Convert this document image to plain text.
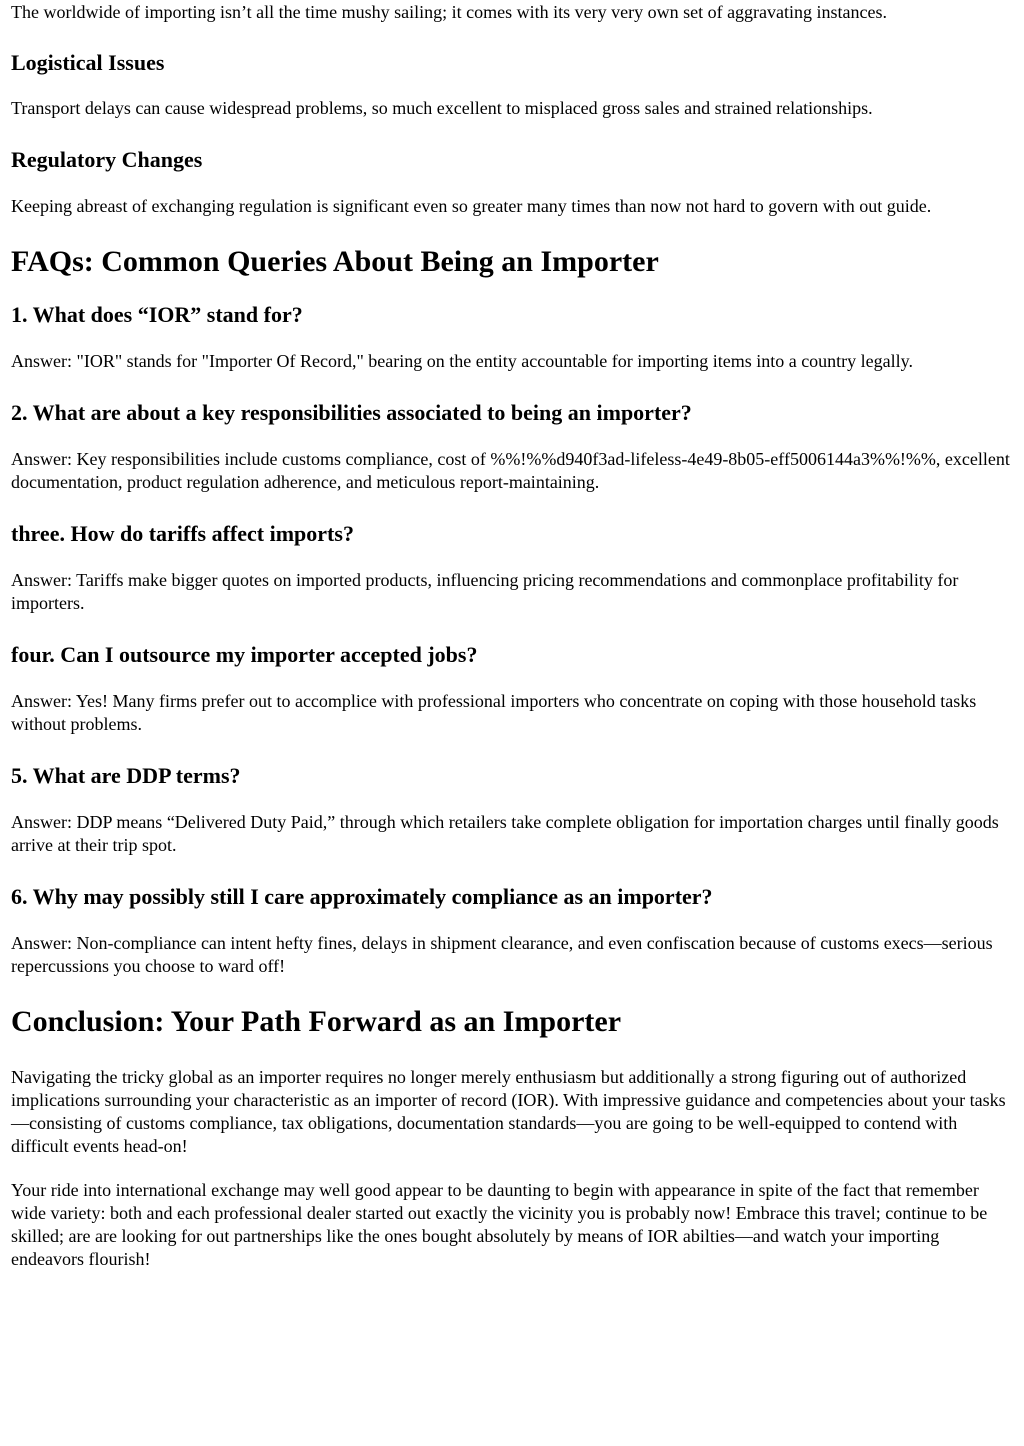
The worldwide of importing isn’t all the time mushy sailing; it comes with its very very own set of aggravating instances.

Logistical Issues

Transport delays can cause widespread problems, so much excellent to misplaced gross sales and strained relationships.

Regulatory Changes

Keeping abreast of exchanging regulation is significant even so greater many times than now not hard to govern with out guide.

FAQs: Common Queries About Being an Importer
1. What does “IOR” stand for?

Answer: "IOR" stands for "Importer Of Record," bearing on the entity accountable for importing items into a country legally.

2. What are about a key responsibilities associated to being an importer?

Answer: Key responsibilities include customs compliance, cost of %%!%%d940f3ad-lifeless-4e49-8b05-eff5006144a3%%!%%, excellent documentation, product regulation adherence, and meticulous report-maintaining.

three. How do tariffs affect imports?

Answer: Tariffs make bigger quotes on imported products, influencing pricing recommendations and commonplace profitability for importers.

four. Can I outsource my importer accepted jobs?

Answer: Yes! Many firms prefer out to accomplice with professional importers who concentrate on coping with those household tasks without problems.

5. What are DDP terms?

Answer: DDP means “Delivered Duty Paid,” through which retailers take complete obligation for importation charges until finally goods arrive at their trip spot.

6. Why may possibly still I care approximately compliance as an importer?

Answer: Non-compliance can intent hefty fines, delays in shipment clearance, and even confiscation because of customs execs—serious repercussions you choose to ward off!

Conclusion: Your Path Forward as an Importer

Navigating the tricky global as an importer requires no longer merely enthusiasm but additionally a strong figuring out of authorized implications surrounding your characteristic as an importer of record (IOR). With impressive guidance and competencies about your tasks—consisting of customs compliance, tax obligations, documentation standards—you are going to be well-equipped to contend with difficult events head-on!

Your ride into international exchange may well good appear to be daunting to begin with appearance in spite of the fact that remember wide variety: both and each professional dealer started out exactly the vicinity you is probably now! Embrace this travel; continue to be skilled; are are looking for out partnerships like the ones bought absolutely by means of IOR abilties—and watch your importing endeavors flourish!
